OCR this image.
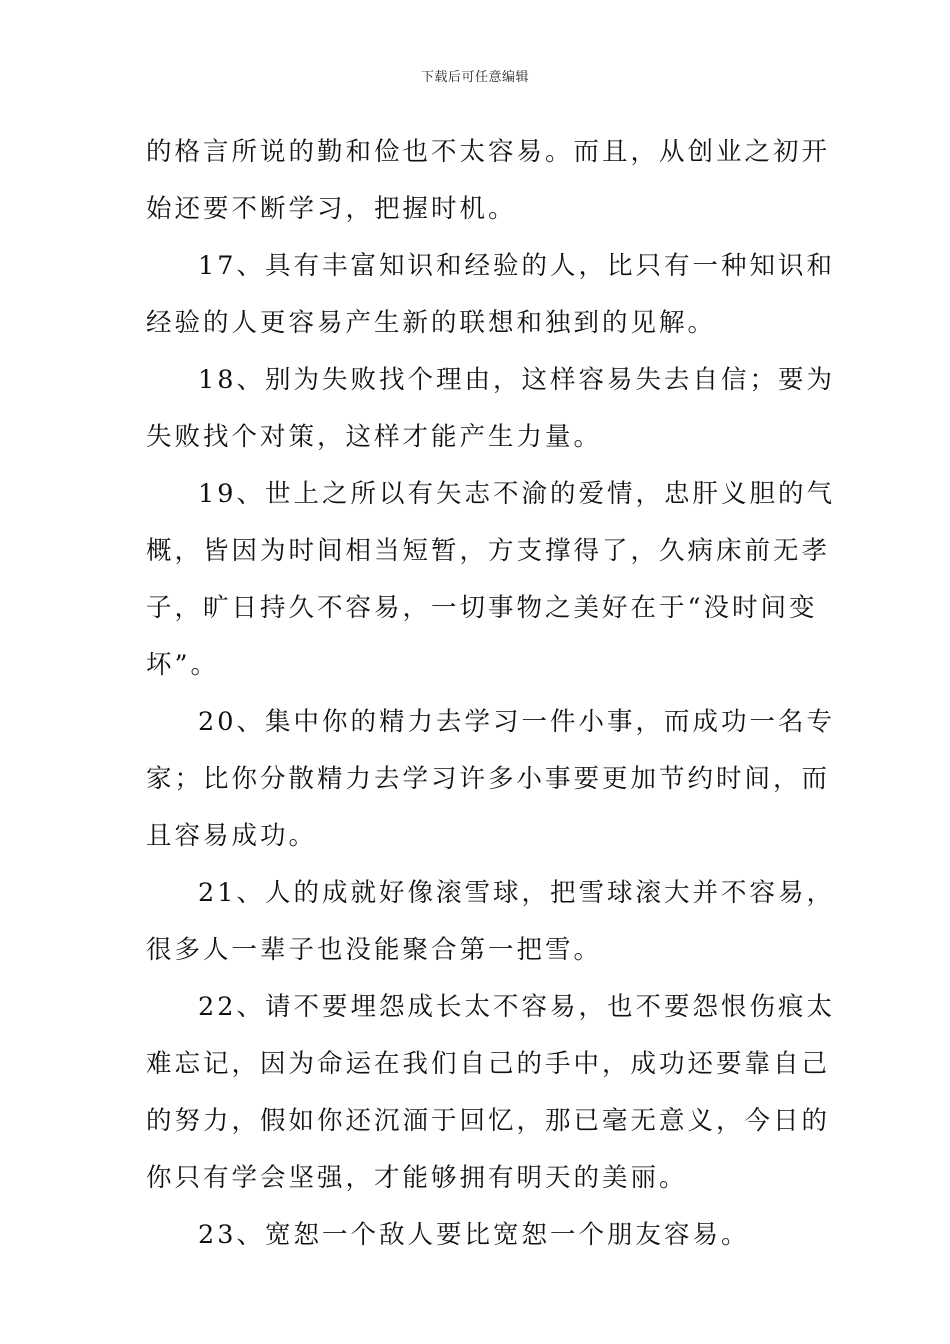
下载后可任意编辑

的格言所说的勤和俭也不太容易。而且，从创业之初开始还要不断学习，把握时机。

17、具有丰富知识和经验的人，比只有一种知识和经验的人更容易产生新的联想和独到的见解。

18、别为失败找个理由，这样容易失去自信；要为失败找个对策，这样才能产生力量。

19、世上之所以有矢志不渝的爱情，忠肝义胆的气概，皆因为时间相当短暂，方支撑得了，久病床前无孝子，旷日持久不容易，一切事物之美好在于“没时间变坏”。

20、集中你的精力去学习一件小事，而成功一名专家；比你分散精力去学习许多小事要更加节约时间，而且容易成功。

21、人的成就好像滚雪球，把雪球滚大并不容易，很多人一辈子也没能聚合第一把雪。

22、请不要埋怨成长太不容易，也不要怨恨伤痕太难忘记，因为命运在我们自己的手中，成功还要靠自己的努力，假如你还沉湎于回忆，那已毫无意义，今日的你只有学会坚强，才能够拥有明天的美丽。

23、宽恕一个敌人要比宽恕一个朋友容易。
